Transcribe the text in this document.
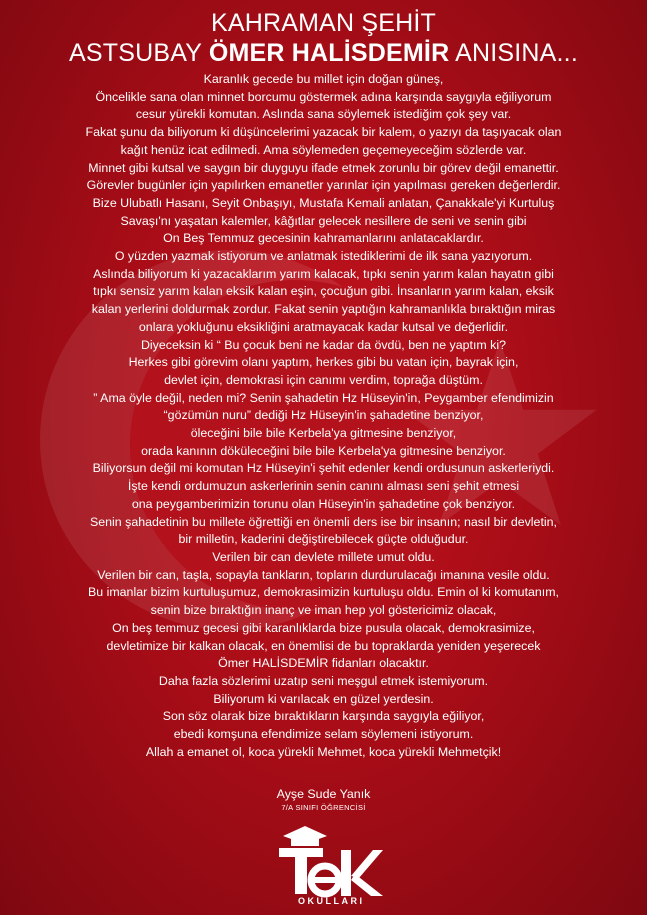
KAHRAMAN ŞEHİT
ASTSUBAY ÖMER HALİSDEMİR ANISINA...
Karanlık gecede bu millet için doğan güneş,
Öncelikle sana olan minnet borcumu göstermek adına karşında saygıyla eğiliyorum
cesur yürekli komutan. Aslında sana söylemek istediğim çok şey var.
Fakat şunu da biliyorum ki düşüncelerimi yazacak bir kalem, o yazıyı da taşıyacak olan
kağıt henüz icat edilmedi. Ama söylemeden geçemeyeceğim sözlerde var.
Minnet gibi kutsal ve saygın bir duyguyu ifade etmek zorunlu bir görev değil emanettir.
Görevler bugünler için yapılırken emanetler yarınlar için yapılması gereken değerlerdir.
Bize Ulubatlı Hasanı, Seyit Onbaşıyı, Mustafa Kemali anlatan, Çanakkale'yi Kurtuluş
Savaşı'nı yaşatan kalemler, kâğıtlar gelecek nesillere de seni ve senin gibi
On Beş Temmuz gecesinin kahramanlarını anlatacaklardır.
O yüzden yazmak istiyorum ve anlatmak istediklerimi de ilk sana yazıyorum.
Aslında biliyorum ki yazacaklarım yarım kalacak, tıpkı senin yarım kalan hayatın gibi
tıpkı sensiz yarım kalan eksik kalan eşin, çocuğun gibi. İnsanların yarım kalan, eksik
kalan yerlerini doldurmak zordur. Fakat senin yaptığın kahramanlıkla bıraktığın miras
onlara yokluğunu eksikliğini aratmayacak kadar kutsal ve değerlidir.
Diyeceksin ki “ Bu çocuk beni ne kadar da övdü, ben ne yaptım ki?
Herkes gibi görevim olanı yaptım, herkes gibi bu vatan için, bayrak için,
devlet için, demokrasi için canımı verdim, toprağa düştüm.
” Ama öyle değil, neden mi? Senin şahadetin Hz Hüseyin'in, Peygamber efendimizin
“gözümün nuru” dediği Hz Hüseyin'in şahadetine benziyor,
öleceğini bile bile Kerbela'ya gitmesine benziyor,
orada kanının döküleceğini bile bile Kerbela'ya gitmesine benziyor.
Biliyorsun değil mi komutan Hz Hüseyin'i şehit edenler kendi ordusunun askerleriydi.
İşte kendi ordumuzun askerlerinin senin canını alması seni şehit etmesi
ona peygamberimizin torunu olan Hüseyin'in şahadetine çok benziyor.
Senin şahadetinin bu millete öğrettiği en önemli ders ise bir insanın; nasıl bir devletin,
bir milletin, kaderini değiştirebilecek güçte olduğudur.
Verilen bir can devlete millete umut oldu.
Verilen bir can, taşla, sopayla tankların, topların durdurulacağı imanına vesile oldu.
Bu imanlar bizim kurtuluşumuz, demokrasimizin kurtuluşu oldu. Emin ol ki komutanım,
senin bize bıraktığın inanç ve iman hep yol göstericimiz olacak,
On beş temmuz gecesi gibi karanlıklarda bize pusula olacak, demokrasimize,
devletimize bir kalkan olacak, en önemlisi de bu topraklarda yeniden yeşerecek
Ömer HALİSDEMİR fidanları olacaktır.
Daha fazla sözlerimi uzatıp seni meşgul etmek istemiyorum.
Biliyorum ki varılacak en güzel yerdesin.
Son söz olarak bize bıraktıkların karşında saygıyla eğiliyor,
ebedi komşuna efendimize selam söylemeni istiyorum.
Allah a emanet ol, koca yürekli Mehmet, koca yürekli Mehmetçik!
Ayşe Sude Yanık
7/A SINIFI ÖĞRENCİSİ
OKULLARI
